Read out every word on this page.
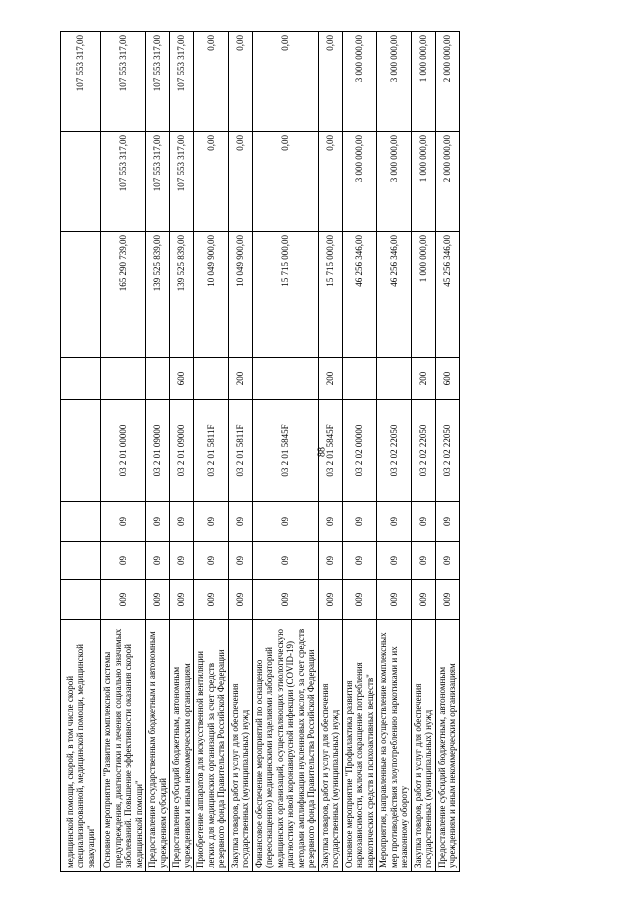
88
медицинской помощи, скорой, в том числе скорой специализированной, медицинской помощи, медицинской эвакуации"								107 553 317,00
Основное мероприятие "Развитие комплексной системы предупреждения, диагностики и лечения социально значимых заболеваний. Повышение эффективности оказания скорой медицинской помощи"	009	09	09	03 2 01 00000		165 290 739,00	107 553 317,00	107 553 317,00
Предоставление государственным бюджетным и автономным учреждениям субсидий	009	09	09	03 2 01 09000		139 525 839,00	107 553 317,00	107 553 317,00
Предоставление субсидий бюджетным, автономным учреждениям и иным некоммерческим организациям	009	09	09	03 2 01 09000	600	139 525 839,00	107 553 317,00	107 553 317,00
Приобретение аппаратов для искусственной вентиляции легких для медицинских организаций за счет средств резервного фонда Правительства Российской Федерации	009	09	09	03 2 01 5811F		10 049 900,00	0,00	0,00
Закупка товаров, работ и услуг для обеспечения государственных (муниципальных) нужд	009	09	09	03 2 01 5811F	200	10 049 900,00	0,00	0,00
Финансовое обеспечение мероприятий по оснащению (переоснащению) медицинскими изделиями лабораторий медицинских организаций, осуществляющих этиологическую диагностику новой коронавирусной инфекции (COVID-19) методами амплификации нуклеиновых кислот, за счет средств резервного фонда Правительства Российской Федерации	009	09	09	03 2 01 5845F		15 715 000,00	0,00	0,00
Закупка товаров, работ и услуг для обеспечения государственных (муниципальных) нужд	009	09	09	03 2 01 5845F	200	15 715 000,00	0,00	0,00
Основное мероприятие "Профилактика развития наркозависимости, включая сокращение потребления наркотических средств и психоактивных веществ"	009	09	09	03 2 02 00000		46 256 346,00	3 000 000,00	3 000 000,00
Мероприятия, направленные на осуществление комплексных мер противодействия злоупотреблению наркотиками и их незаконному обороту	009	09	09	03 2 02 22050		46 256 346,00	3 000 000,00	3 000 000,00
Закупка товаров, работ и услуг для обеспечения государственных (муниципальных) нужд	009	09	09	03 2 02 22050	200	1 000 000,00	1 000 000,00	1 000 000,00
Предоставление субсидий бюджетным, автономным учреждениям и иным некоммерческим организациям	009	09	09	03 2 02 22050	600	45 256 346,00	2 000 000,00	2 000 000,00
